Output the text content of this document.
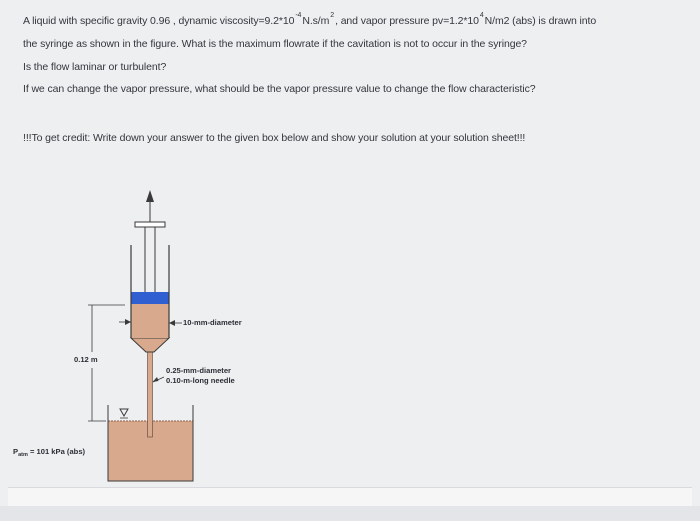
A liquid with specific gravity 0.96 , dynamic $viscosity=9.2*10^{-4}N.s/m^2$, and vapor pressure $pv=1.2*10^4N/m2$ (abs) is drawn into
the syringe as shown in the figure. What is the maximum flowrate if the cavitation is not to occur in the syringe?
Is the flow laminar or turbulent?
If we can change the vapor pressure, what should be the vapor pressure value to change the flow characteristic?
!!!To get credit: Write down your answer to the given box below and show your solution at your solution sheet!!!
10-mm-diameter
0.25-mm-diameter
0.10-m-long needle
0.12 m
$P_{atm} = 101$ kPa (abs)
